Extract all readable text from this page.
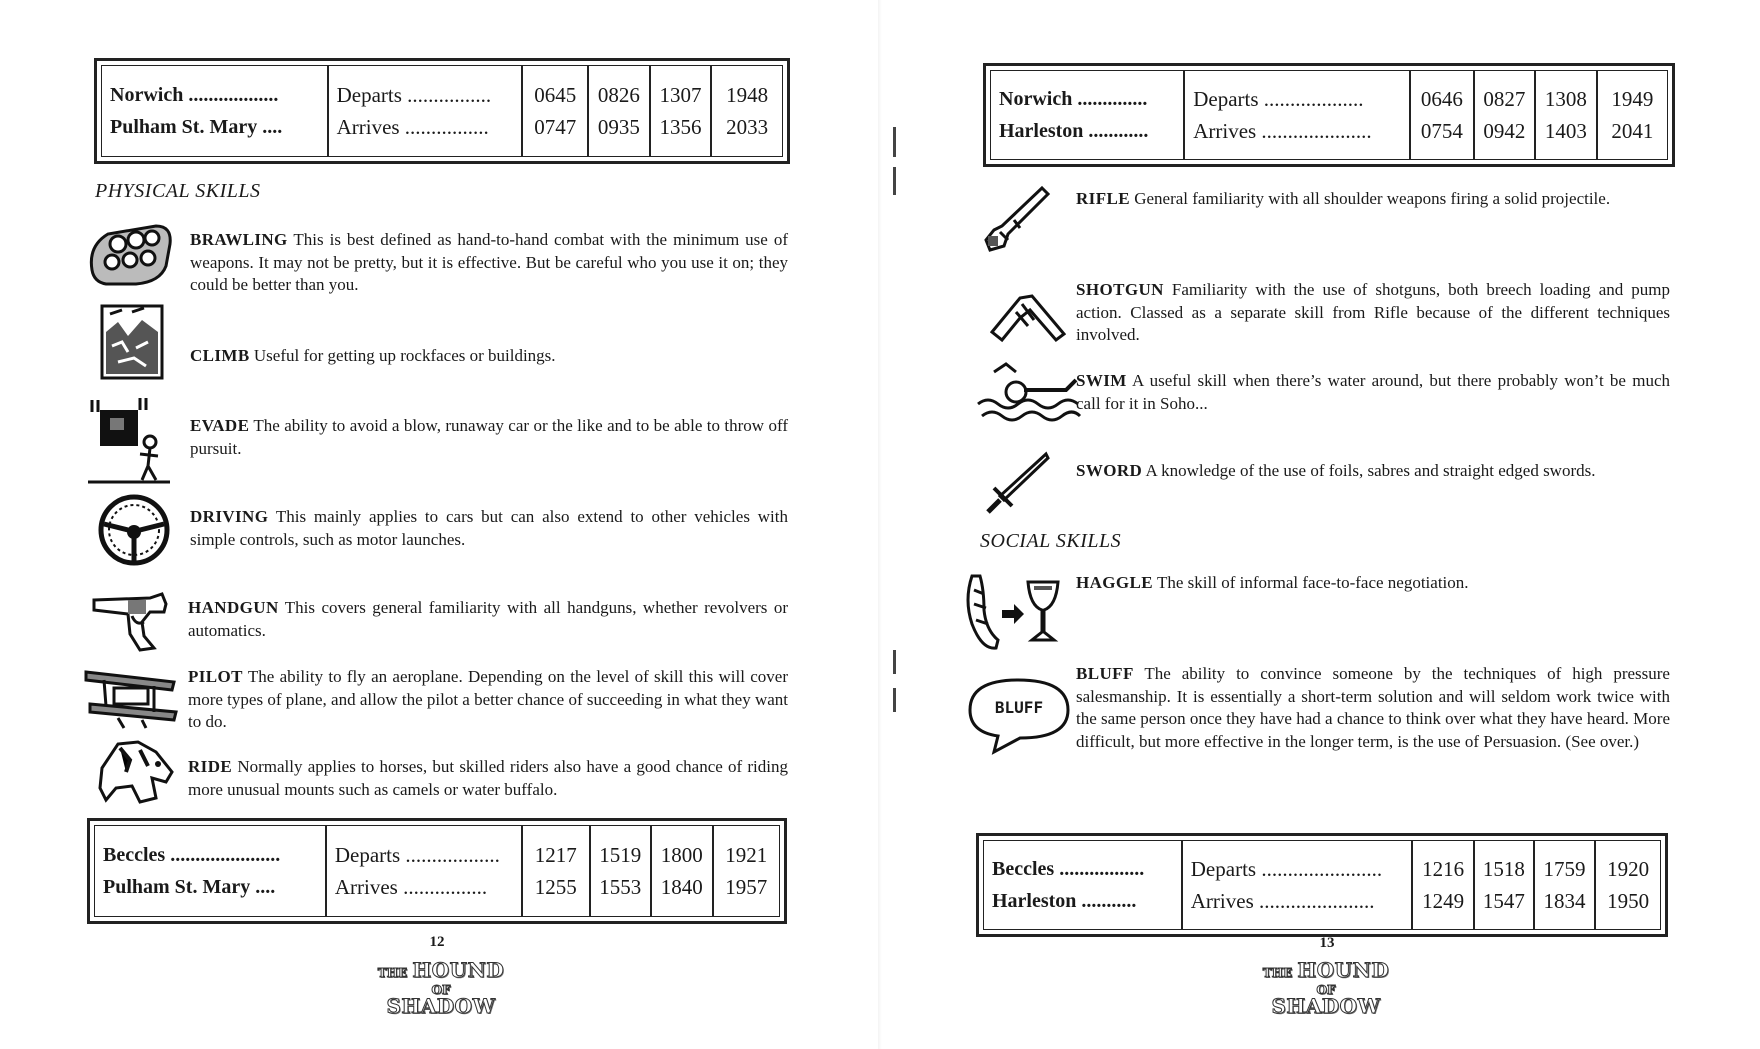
Norwich ..................
Pulham St. Mary ....
Departs ................
Arrives ................
0645
0747
0826
0935
1307
1356
1948
2033
PHYSICAL SKILLS
BRAWLING This is best defined as hand-to-hand combat with the minimum use of weapons. It may not be pretty, but it is effective. But be careful who you use it on; they could be better than you.
CLIMB Useful for getting up rockfaces or buildings.
EVADE The ability to avoid a blow, runaway car or the like and to be able to throw off pursuit.
DRIVING This mainly applies to cars but can also extend to other vehicles with simple controls, such as motor launches.
HANDGUN This covers general familiarity with all handguns, whether revolvers or automatics.
PILOT The ability to fly an aeroplane. Depending on the level of skill this will cover more types of plane, and allow the pilot a better chance of succeeding in what they want to do.
RIDE Normally applies to horses, but skilled riders also have a good chance of riding more unusual mounts such as camels or water buffalo.
Beccles ......................
Pulham St. Mary ....
Departs ..................
Arrives ................
1217
1255
1519
1553
1800
1840
1921
1957
12
THE HOUND OF
SHADOW
Norwich ..............
Harleston ............
Departs ...................
Arrives .....................
0646
0754
0827
0942
1308
1403
1949
2041
RIFLE General familiarity with all shoulder weapons firing a solid projectile.
SHOTGUN Familiarity with the use of shotguns, both breech loading and pump action. Classed as a separate skill from Rifle because of the different techniques involved.
SWIM A useful skill when there’s water around, but there probably won’t be much call for it in Soho...
SWORD A knowledge of the use of foils, sabres and straight edged swords.
SOCIAL SKILLS
HAGGLE The skill of informal face-to-face negotiation.
BLUFF
BLUFF The ability to convince someone by the techniques of high pressure salesmanship. It is essentially a short-term solution and will seldom work twice with the same person once they have had a chance to think over what they have heard. More difficult, but more effective in the longer term, is the use of Persuasion. (See over.)
Beccles .................
Harleston ...........
Departs .......................
Arrives ......................
1216
1249
1518
1547
1759
1834
1920
1950
13
THE HOUND OF
SHADOW
